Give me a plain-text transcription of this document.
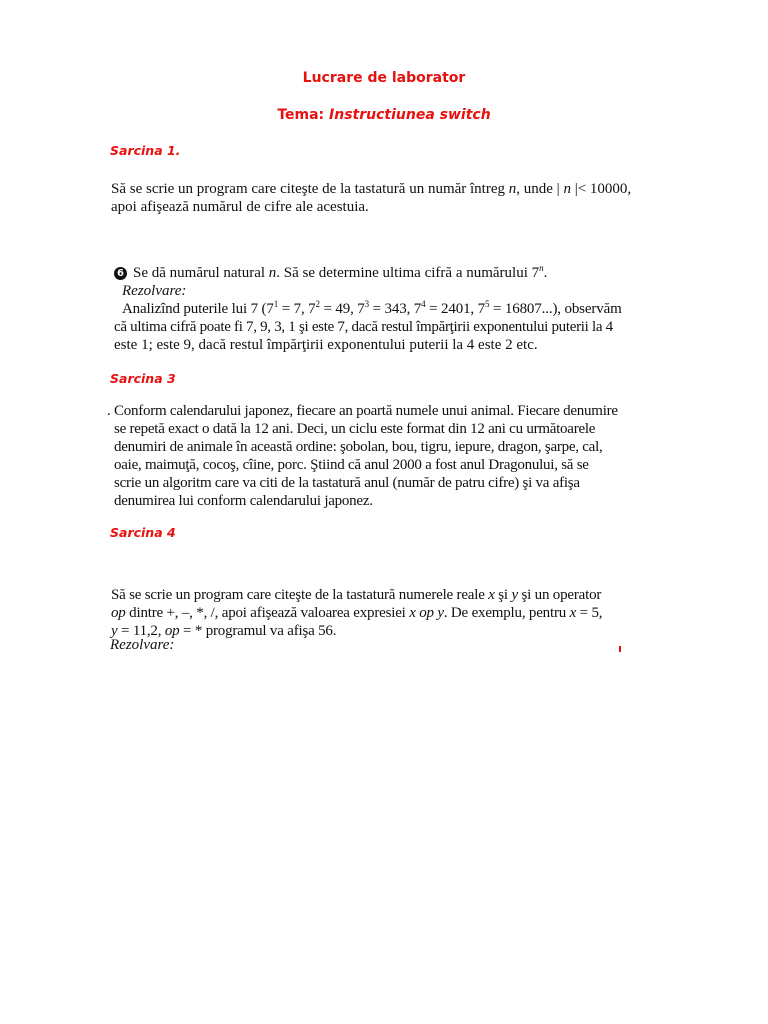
Lucrare de laborator
Tema: Instructiunea switch
Sarcina 1.
Să se scrie un program care citeşte de la tastatură un număr întreg n, unde | n |< 10000,
apoi afişează numărul de cifre ale acestuia.
6 Se dă numărul natural n. Să se determine ultima cifră a numărului 7$^n$.
Rezolvare:
Analizînd puterile lui 7 ($7^1 = 7$, $7^2 = 49$, $7^3 = 343$, $7^4 = 2401$, $7^5 = 16807$...), observăm
că ultima cifră poate fi 7, 9, 3, 1 şi este 7, dacă restul împărţirii exponentului puterii la 4
este 1; este 9, dacă restul împărţirii exponentului puterii la 4 este 2 etc.
Sarcina 3
. Conform calendarului japonez, fiecare an poartă numele unui animal. Fiecare denumire
se repetă exact o dată la 12 ani. Deci, un ciclu este format din 12 ani cu următoarele
denumiri de animale în această ordine: şobolan, bou, tigru, iepure, dragon, şarpe, cal,
oaie, maimuţă, cocoş, cîine, porc. Ştiind că anul 2000 a fost anul Dragonului, să se
scrie un algoritm care va citi de la tastatură anul (număr de patru cifre) şi va afişa
denumirea lui conform calendarului japonez.
Sarcina 4
Să se scrie un program care citeşte de la tastatură numerele reale x şi y şi un operator
op dintre +, –, *, /, apoi afişează valoarea expresiei x op y. De exemplu, pentru x = 5,
y = 11,2, op = * programul va afişa 56.
Rezolvare:
